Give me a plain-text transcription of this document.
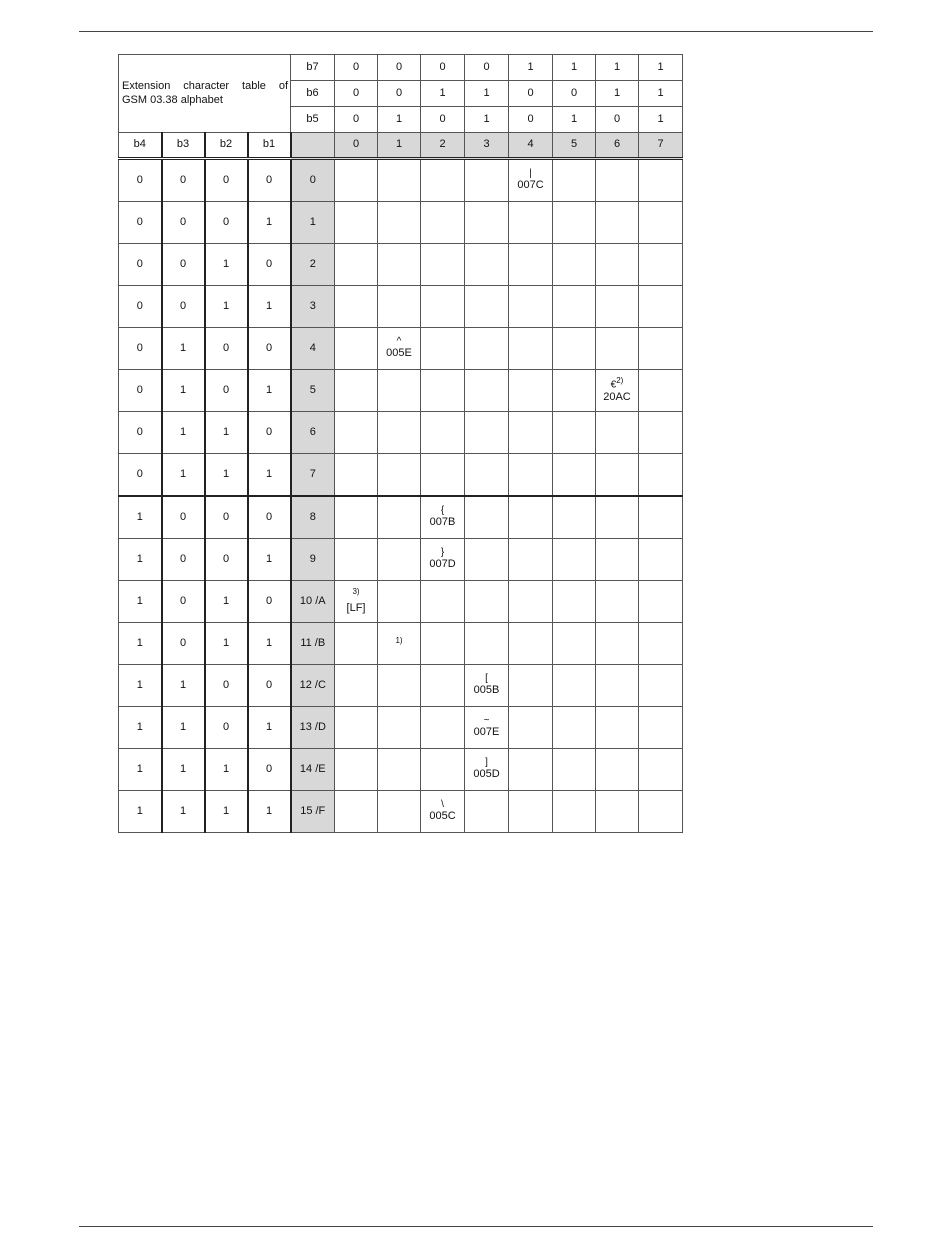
Extension character table of
GSM 03.38 alphabet				b7	0	0	0	0	1	1	1	1
				b6	0	0	1	1	0	0	1	1
				b5	0	1	0	1	0	1	0	1
b4	b3	b2	b1		0	1	2	3	4	5	6	7
0	0	0	0	0					|
007C			

0	0	0	1	1								
0	0	1	0	2								
0	0	1	1	3								
0	1	0	0	4		^
005E						

0	1	0	1	5							€$^{2)}$
20AC	

0	1	1	0	6								
0	1	1	1	7								
1	0	0	0	8			{
007B					

1	0	0	1	9			}
007D					

1	0	1	0	10 /A	$^{3)}$
[LF]							

1	0	1	1	11 /B		$^{1)}$

1	1	0	0	12 /C				[
005B				

1	1	0	1	13 /D				~
007E				

1	1	1	0	14 /E				]
005D				

1	1	1	1	15 /F			\
005C					
